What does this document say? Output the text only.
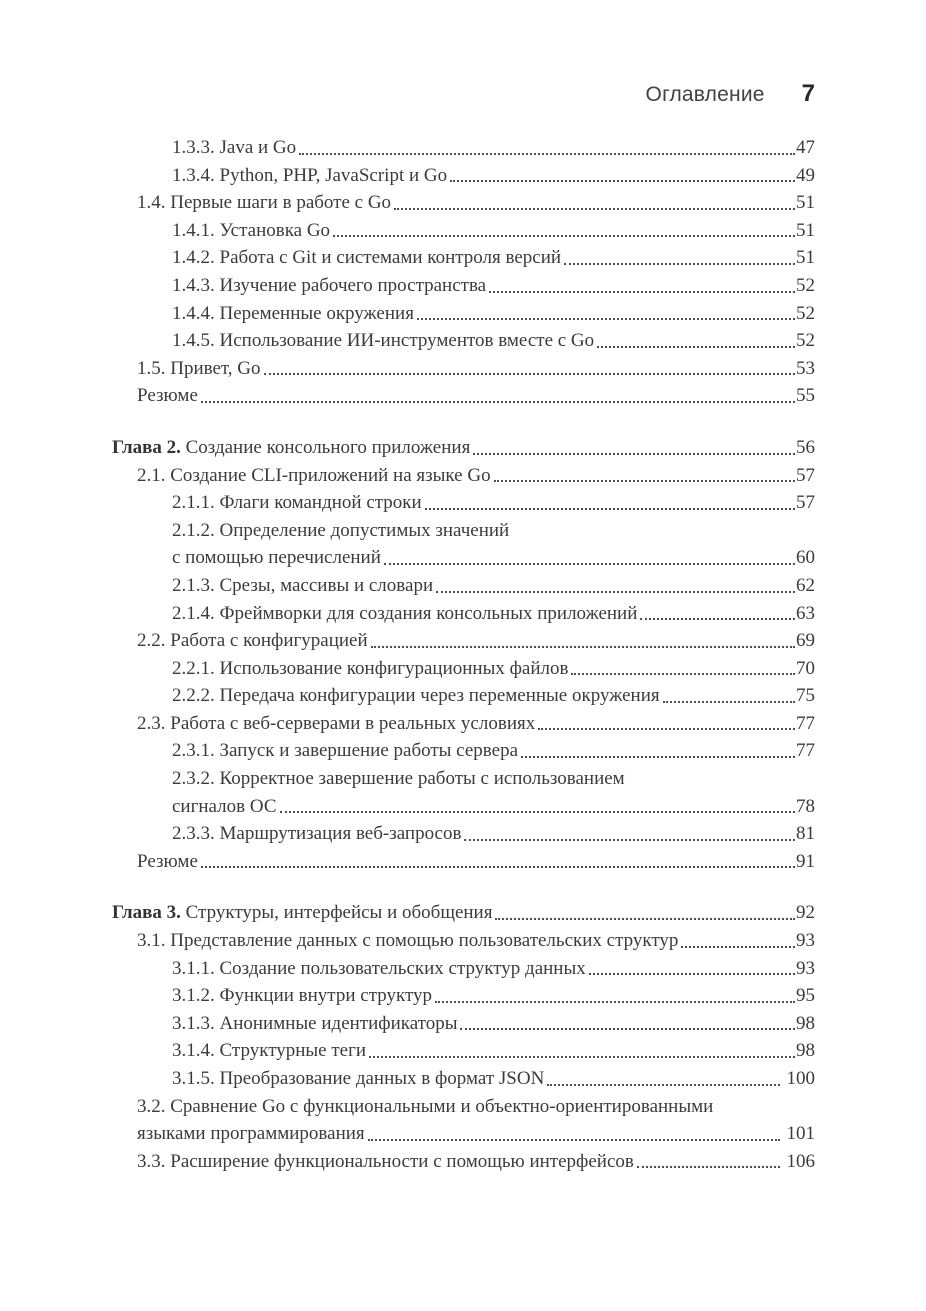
Оглавление 7
1.3.3. Java и Go	47
1.3.4. Python, PHP, JavaScript и Go	49
1.4. Первые шаги в работе с Go	51
1.4.1. Установка Go	51
1.4.2. Работа с Git и системами контроля версий	51
1.4.3. Изучение рабочего пространства	52
1.4.4. Переменные окружения	52
1.4.5. Использование ИИ-инструментов вместе с Go	52
1.5. Привет, Go	53
Резюме	55
Глава 2. Создание консольного приложения	56
2.1. Создание CLI-приложений на языке Go	57
2.1.1. Флаги командной строки	57
2.1.2. Определение допустимых значений
с помощью перечислений	60
2.1.3. Срезы, массивы и словари	62
2.1.4. Фреймворки для создания консольных приложений	63
2.2. Работа с конфигурацией	69
2.2.1. Использование конфигурационных файлов	70
2.2.2. Передача конфигурации через переменные окружения	75
2.3. Работа с веб-серверами в реальных условиях	77
2.3.1. Запуск и завершение работы сервера	77
2.3.2. Корректное завершение работы с использованием
сигналов ОС	78
2.3.3. Маршрутизация веб-запросов	81
Резюме	91
Глава 3. Структуры, интерфейсы и обобщения	92
3.1. Представление данных с помощью пользовательских структур	93
3.1.1. Создание пользовательских структур данных	93
3.1.2. Функции внутри структур	95
3.1.3. Анонимные идентификаторы	98
3.1.4. Структурные теги	98
3.1.5. Преобразование данных в формат JSON	100
3.2. Сравнение Go с функциональными и объектно-ориентированными
языками программирования	101
3.3. Расширение функциональности с помощью интерфейсов	106
